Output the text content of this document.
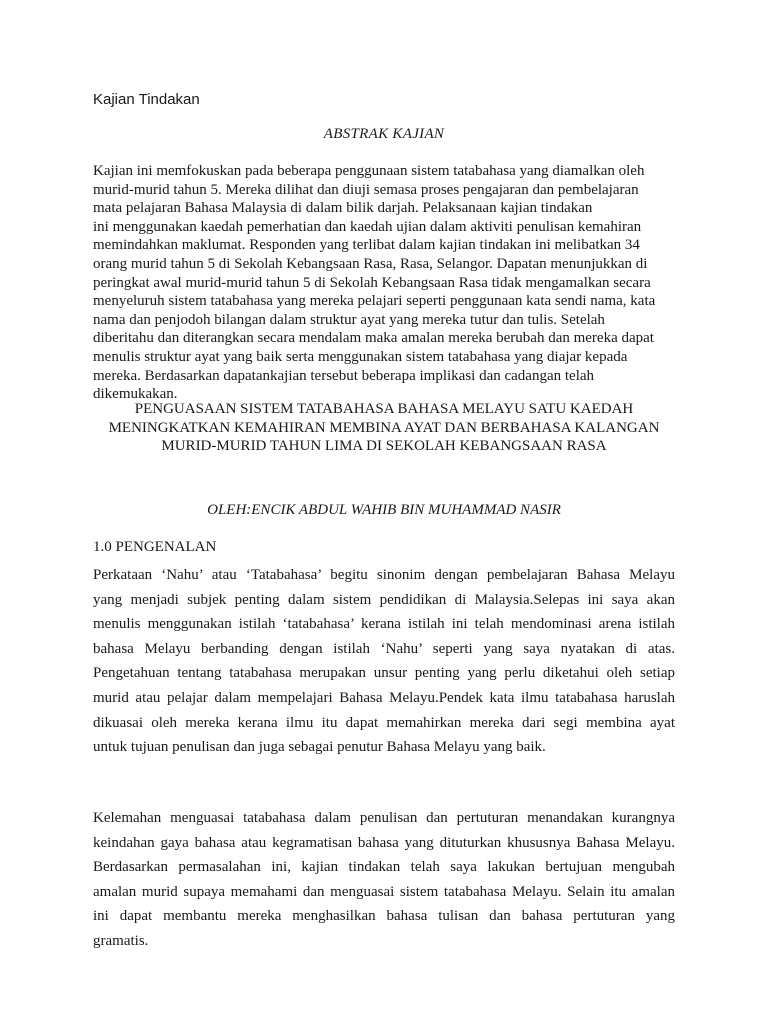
Kajian Tindakan
ABSTRAK KAJIAN
Kajian ini memfokuskan pada beberapa penggunaan sistem tatabahasa yang diamalkan oleh
murid-murid tahun 5. Mereka dilihat dan diuji semasa proses pengajaran dan pembelajaran
mata pelajaran Bahasa Malaysia di dalam bilik darjah. Pelaksanaan kajian tindakan
ini menggunakan kaedah pemerhatian dan kaedah ujian dalam aktiviti penulisan kemahiran
memindahkan maklumat. Responden yang terlibat dalam kajian tindakan ini melibatkan 34
orang murid tahun 5 di Sekolah Kebangsaan Rasa, Rasa, Selangor. Dapatan menunjukkan di
peringkat awal murid-murid tahun 5 di Sekolah Kebangsaan Rasa tidak mengamalkan secara
menyeluruh sistem tatabahasa yang mereka pelajari seperti penggunaan kata sendi nama, kata
nama dan penjodoh bilangan dalam struktur ayat yang mereka tutur dan tulis. Setelah
diberitahu dan diterangkan secara mendalam maka amalan mereka berubah dan mereka dapat
menulis struktur ayat yang baik serta menggunakan sistem tatabahasa yang diajar kepada
mereka. Berdasarkan dapatankajian tersebut beberapa implikasi dan cadangan telah
dikemukakan.
PENGUASAAN SISTEM TATABAHASA BAHASA MELAYU SATU KAEDAH
MENINGKATKAN KEMAHIRAN MEMBINA AYAT DAN BERBAHASA KALANGAN
MURID-MURID TAHUN LIMA DI SEKOLAH KEBANGSAAN RASA
OLEH:ENCIK ABDUL WAHIB BIN MUHAMMAD NASIR
1.0 PENGENALAN
Perkataan ‘Nahu’ atau ‘Tatabahasa’ begitu sinonim dengan pembelajaran Bahasa Melayu
yang menjadi subjek penting dalam sistem pendidikan di Malaysia.Selepas ini saya akan
menulis menggunakan istilah ‘tatabahasa’ kerana istilah ini telah mendominasi arena istilah
bahasa Melayu berbanding dengan istilah ‘Nahu’ seperti yang saya nyatakan di atas.
Pengetahuan tentang tatabahasa merupakan unsur penting yang perlu diketahui oleh setiap
murid atau pelajar dalam mempelajari Bahasa Melayu.Pendek kata ilmu tatabahasa haruslah
dikuasai oleh mereka kerana ilmu itu dapat memahirkan mereka dari segi membina ayat
untuk tujuan penulisan dan juga sebagai penutur Bahasa Melayu yang baik.
Kelemahan menguasai tatabahasa dalam penulisan dan pertuturan menandakan kurangnya
keindahan gaya bahasa atau kegramatisan bahasa yang dituturkan khususnya Bahasa Melayu.
Berdasarkan permasalahan ini, kajian tindakan telah saya lakukan bertujuan mengubah
amalan murid supaya memahami dan menguasai sistem tatabahasa Melayu. Selain itu amalan
ini dapat membantu mereka menghasilkan bahasa tulisan dan bahasa pertuturan yang
gramatis.
